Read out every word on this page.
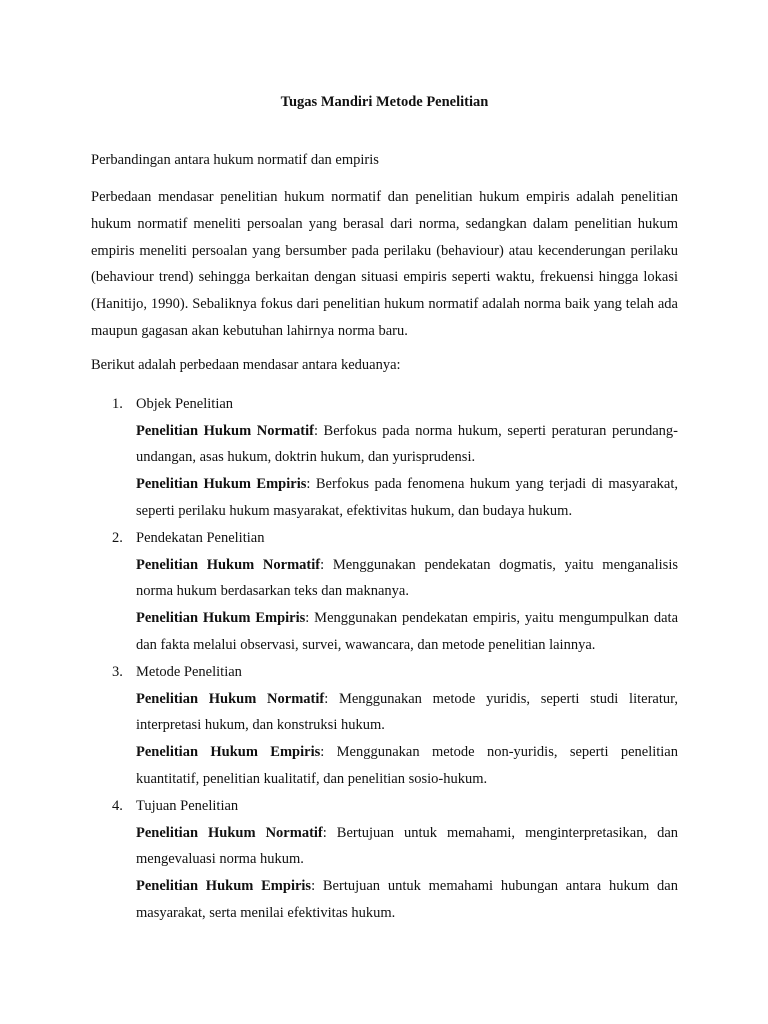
Tugas Mandiri Metode Penelitian
Perbandingan antara hukum normatif dan empiris
Perbedaan mendasar penelitian hukum normatif dan penelitian hukum empiris adalah penelitian hukum normatif meneliti persoalan yang berasal dari norma, sedangkan dalam penelitian hukum empiris meneliti persoalan yang bersumber pada perilaku (behaviour) atau kecenderungan perilaku (behaviour trend) sehingga berkaitan dengan situasi empiris seperti waktu, frekuensi hingga lokasi (Hanitijo, 1990). Sebaliknya fokus dari penelitian hukum normatif adalah norma baik yang telah ada maupun gagasan akan kebutuhan lahirnya norma baru.
Berikut adalah perbedaan mendasar antara keduanya:
1. Objek Penelitian
Penelitian Hukum Normatif: Berfokus pada norma hukum, seperti peraturan perundang-undangan, asas hukum, doktrin hukum, dan yurisprudensi.
Penelitian Hukum Empiris: Berfokus pada fenomena hukum yang terjadi di masyarakat, seperti perilaku hukum masyarakat, efektivitas hukum, dan budaya hukum.
2. Pendekatan Penelitian
Penelitian Hukum Normatif: Menggunakan pendekatan dogmatis, yaitu menganalisis norma hukum berdasarkan teks dan maknanya.
Penelitian Hukum Empiris: Menggunakan pendekatan empiris, yaitu mengumpulkan data dan fakta melalui observasi, survei, wawancara, dan metode penelitian lainnya.
3. Metode Penelitian
Penelitian Hukum Normatif: Menggunakan metode yuridis, seperti studi literatur, interpretasi hukum, dan konstruksi hukum.
Penelitian Hukum Empiris: Menggunakan metode non-yuridis, seperti penelitian kuantitatif, penelitian kualitatif, dan penelitian sosio-hukum.
4. Tujuan Penelitian
Penelitian Hukum Normatif: Bertujuan untuk memahami, menginterpretasikan, dan mengevaluasi norma hukum.
Penelitian Hukum Empiris: Bertujuan untuk memahami hubungan antara hukum dan masyarakat, serta menilai efektivitas hukum.
